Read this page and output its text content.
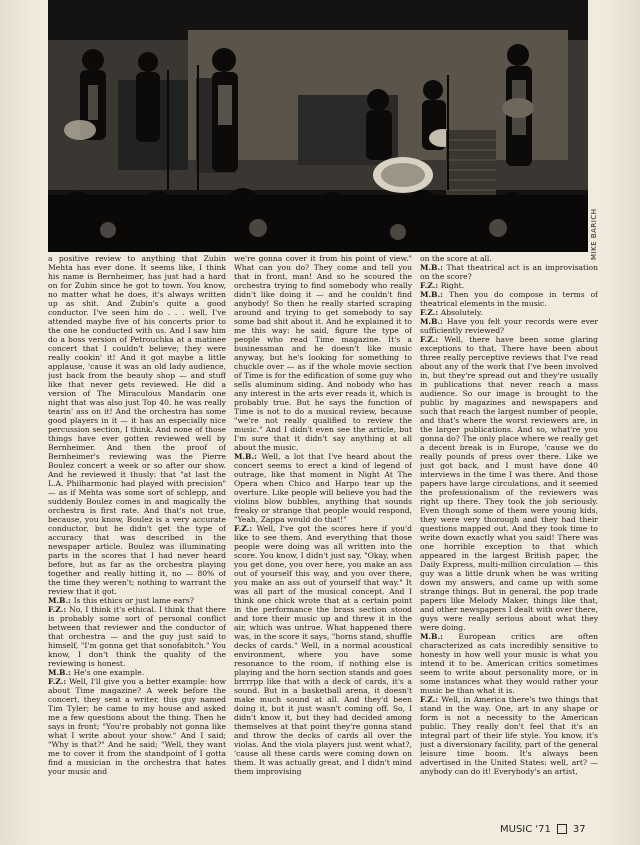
MIKE BARICH

a positive review to anything that Zubin Mehta has ever done. It seems like, I think his name is Bernheimer, has just had a hard on for Zubin since he got to town. You know, no matter what he does, it's always written up as shit. And Zubin's quite a good conductor. I've seen him do . . . well, I've attended maybe five of his concerts prior to the one he conducted with us. And I saw him do a boss version of Petrouchka at a matinee concert that I couldn't believe; they were really cookin' it! And it got maybe a little applause, 'cause it was an old lady audience, just back from the beauty shop — and stuff like that never gets reviewed. He did a version of The Miraculous Mandarin one night that was also just Top 40. he was really tearin' ass on it! And the orchestra has some good players in it — it has an especially nice percussion section, I think. And none of those things have ever gotten reviewed well by Bernheimer. And then the proof of Bernheimer's reviewing was the Pierre Boulez concert a week or so after our show. And he reviewed it thusly: that "at last the L.A. Philharmonic had played with precision" — as if Mehta was some sort of schlepp, and suddenly Boulez comes in and magically the orchestra is first rate. And that's not true, because, you know, Boulez is a very accurate conductor, but he didn't get the type of accuracy that was described in the newspaper article. Boulez was illuminating parts in the scores that I had never heard before, but as far as the orchestra playing together and really hitting it, no — 80% of the time they weren't; nothing to warrant the review that it got.

M.B.: Is this ethics or just lame ears?

F.Z.: No, I think it's ethical. I think that there is probably some sort of personal conflict between that reviewer and the conductor of that orchestra — and the guy just said to himself, "I'm gonna get that sonofabitch." You know, I don't think the quality of the reviewing is honest.

M.B.: He's one example.

F.Z.: Well, I'll give you a better example: how about Time magazine? A week before the concert, they sent a writer, this guy named Tim Tyler; he came to my house and asked me a few questions about the thing. Then he says in front; "You're probably not gonna like what I write about your show." And I said; "Why is that?" And he said; "Well, they want me to cover it from the standpoint of I gotta find a musician in the orchestra that hates your music and

we're gonna cover it from his point of view." What can you do? They come and tell you that in front, man! And so he scoured the orchestra trying to find somebody who really didn't like doing it — and he couldn't find anybody! So then he really started scraping around and trying to get somebody to say some bad shit about it. And he explained it to me this way: he said, figure the type of people who read Time magazine. It's a businessman and he doesn't like music anyway, but he's looking for something to chuckle over — as if the whole movie section of Time is for the edification of some guy who sells aluminum siding. And nobody who has any interest in the arts ever reads it, which is probably true. But he says the function of Time is not to do a musical review, because "we're not really qualified to review the music." And I didn't even see the article, but I'm sure that it didn't say anything at all about the music.

M.B.: Well, a lot that I've heard about the concert seems to erect a kind of legend of outrage, like that moment in Night At The Opera when Chico and Harpo tear up the overture. Like people will believe you had the violins blow bubbles, anything that sounds freaky or strange that people would respond, "Yeah, Zappa would do that!"

F.Z.: Well, I've got the scores here if you'd like to see them. And everything that those people were doing was all written into the score. You know, I didn't just say, "Okay, when you get done, you over here, you make an ass out of yourself this way, and you over there, you make an ass out of yourself that way." It was all part of the musical concept. And I think one chick wrote that at a certain point in the performance the brass section stood and tore their music up and threw it in the air, which was untrue. What happened there was, in the score it says, "horns stand, shuffle decks of cards." Well, in a normal acoustical environment, where you have some resonance to the room, if nothing else is playing and the horn section stands and goes brrrrpp like that with a deck of cards, it's a sound. But in a basketball arena, it doesn't make much sound at all. And they'd been doing it, but it just wasn't coming off. So, I didn't know it, but they had decided among themselves at that point they're gonna stand and throw the decks of cards all over the violas. And the viola players just went what?, 'cause all these cards were coming down on them. It was actually great, and I didn't mind them improvising

on the score at all.

M.B.: That theatrical act is an improvisation on the score?

F.Z.: Right.

M.B.: Then you do compose in terms of theatrical elements in the music.

F.Z.: Absolutely.

M.B.: Have you felt your records were ever sufficiently reviewed?

F.Z.: Well, there have been some glaring exceptions to that. There have been about three really perceptive reviews that I've read about any of the work that I've been involved in, but they're spread out and they're usually in publications that never reach a mass audience. So our image is brought to the public by magazines and newspapers and such that reach the largest number of people, and that's where the worst reviewers are, in the larger publications. And so, what're you gonna do? The only place where we really get a decent break is in Europe, 'cause we do really pounds of press over there. Like we just got back, and I must have done 40 interviews in the time I was there. And those papers have large circulations, and it seemed the professionalism of the reviewers was right up there. They took the job seriously. Even though some of them were young kids, they were very thorough and they had their questions mapped out. And they took time to write down exactly what you said! There was one horrible exception to that which appeared in the largest British paper, the Daily Express, multi-million circulation — this guy was a little drunk when he was writing down my answers, and came up with some strange things. But in general, the pop trade papers like Melody Maker, things like that, and other newspapers I dealt with over there, guys were really serious about what they were doing.

M.B.: European critics are often characterized as cats incredibly sensitive to honesty in how well your music is what you intend it to be. American critics sometimes seem to write about personality more, or in some instances what they would rather your music be than what it is.

F.Z.: Well, in America there's two things that stand in the way. One, art in any shape or form is not a necessity to the American public. They really don't feel that it's an integral part of their life style. You know, it's just a diversionary facility, part of the general leisure time boom. It's always been advertised in the United States: well, art? — anybody can do it! Everybody's an artist,

MUSIC '71 37
